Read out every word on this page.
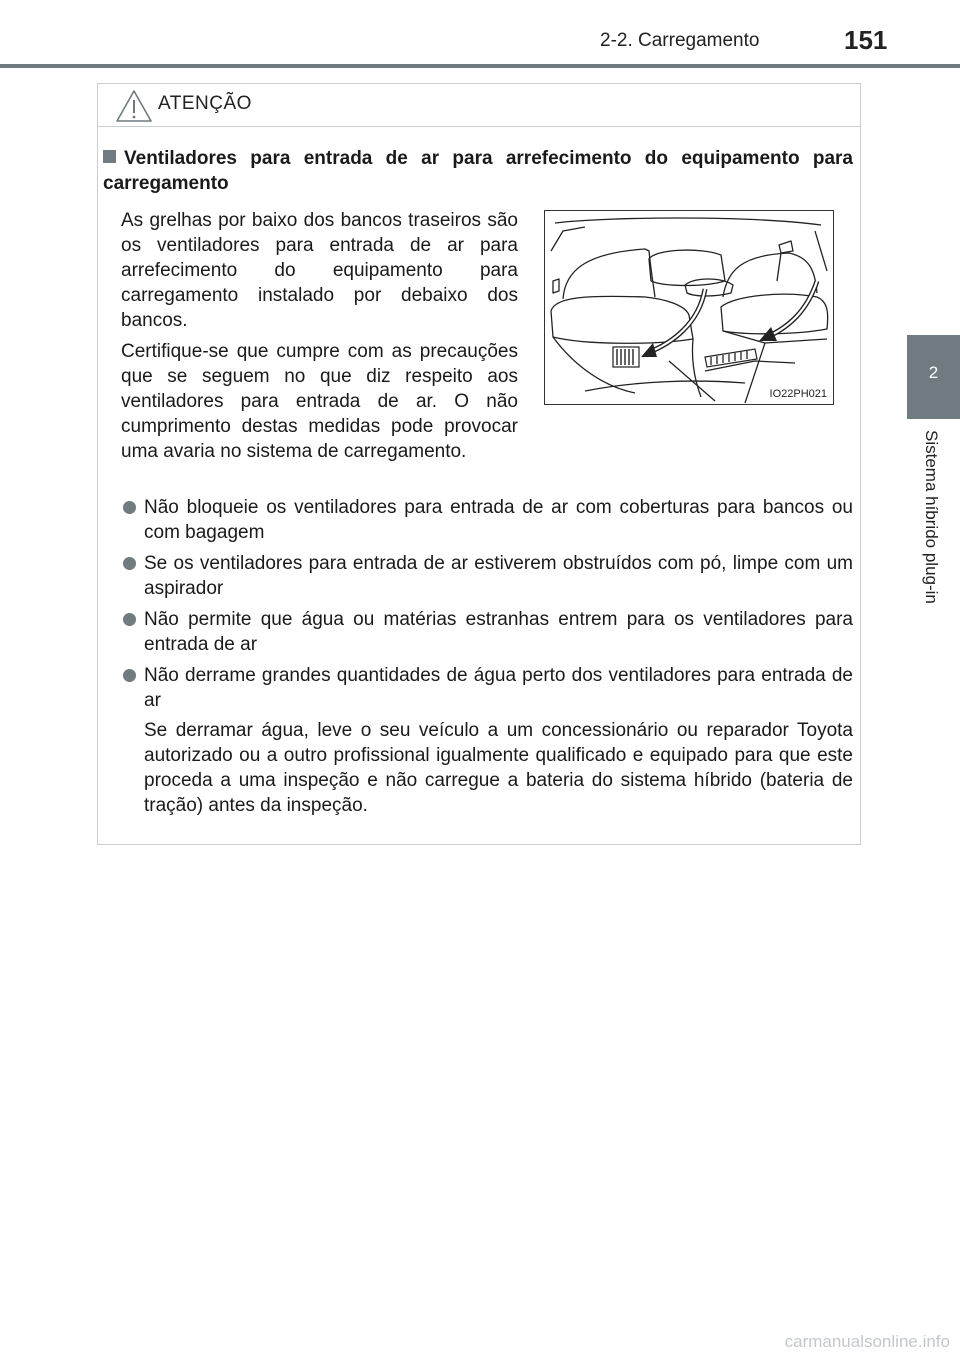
2-2. Carregamento	151
2
Sistema híbrido plug-in
ATENÇÃO
Ventiladores para entrada de ar para arrefecimento do equipamento para carregamento
As grelhas por baixo dos bancos traseiros são os ventiladores para entrada de ar para arrefecimento do equipamento para carregamento instalado por debaixo dos bancos.
Certifique-se que cumpre com as precauções que se seguem no que diz respeito aos ventiladores para entrada de ar. O não cumprimento destas medidas pode provocar uma avaria no sistema de carregamento.
IO22PH021
Não bloqueie os ventiladores para entrada de ar com coberturas para bancos ou com bagagem
Se os ventiladores para entrada de ar estiverem obstruídos com pó, limpe com um aspirador
Não permite que água ou matérias estranhas entrem para os ventiladores para entrada de ar
Não derrame grandes quantidades de água perto dos ventiladores para entrada de ar
Se derramar água, leve o seu veículo a um concessionário ou reparador Toyota autorizado ou a outro profissional igualmente qualificado e equipado para que este proceda a uma inspeção e não carregue a bateria do sistema híbrido (bateria de tração) antes da inspeção.
carmanualsonline.info
